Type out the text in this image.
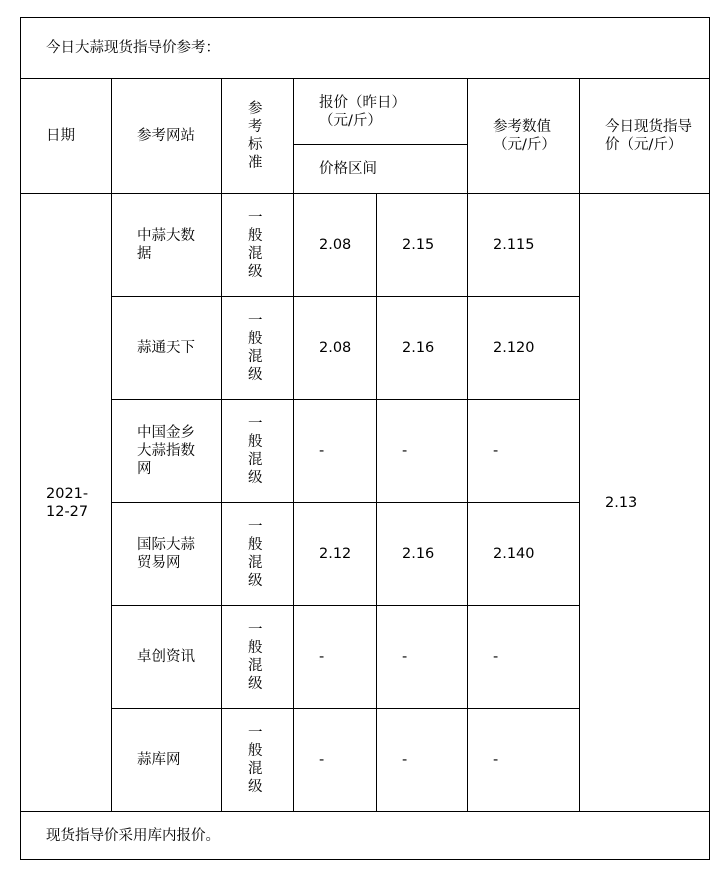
今日大蒜现货指导价参考：						
日期	参考网站	参考标准	报价（昨日）（元/斤）		参考数值（元/斤）	今日现货指导价（元/斤）

			价格区间			

2021-12-27	中蒜大数据	一般混级	2.08	2.15	2.115	2.13

	蒜通天下	一般混级	2.08	2.16	2.120	

	中国金乡大蒜指数网	一般混级	-	-	-	

	国际大蒜贸易网	一般混级	2.12	2.16	2.140	

	卓创资讯	一般混级	-	-	-	

	蒜库网	一般混级	-	-	-	
现货指导价采用库内报价。						
